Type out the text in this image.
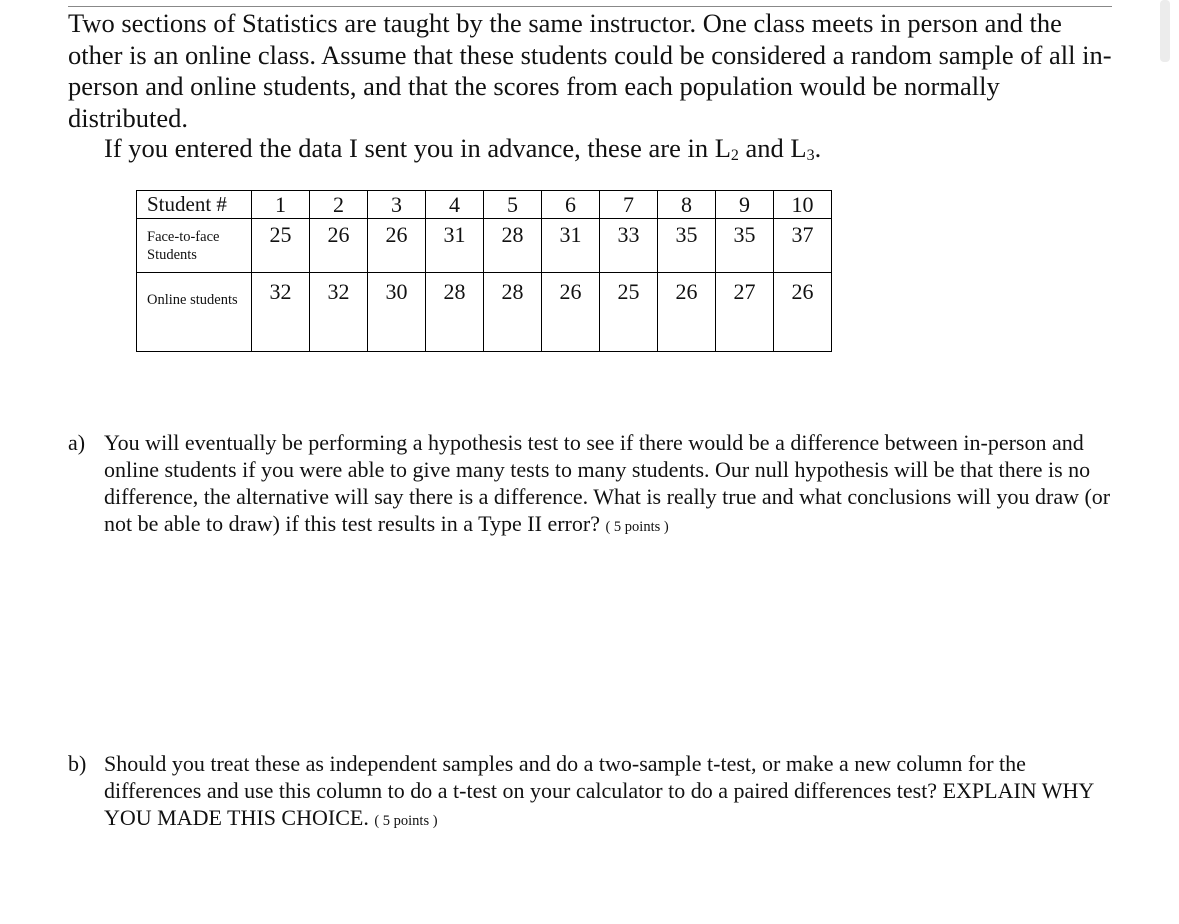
Two sections of Statistics are taught by the same instructor. One class meets in person and the other is an online class. Assume that these students could be considered a random sample of all in-person and online students, and that the scores from each population would be normally distributed.

If you entered the data I sent you in advance, these are in $L_2$ and $L_3$.

Student #	1	2	3	4	5	6	7	8	9	10

Face-to-face Students	25	26	26	31	28	31	33	35	35	37

Online students	32	32	30	28	28	26	25	26	27	26

a) You will eventually be performing a hypothesis test to see if there would be a difference between in-person and online students if you were able to give many tests to many students. Our null hypothesis will be that there is no difference, the alternative will say there is a difference. What is really true and what conclusions will you draw (or not be able to draw) if this test results in a Type II error? ( 5 points )

b) Should you treat these as independent samples and do a two-sample t-test, or make a new column for the differences and use this column to do a t-test on your calculator to do a paired differences test? EXPLAIN WHY YOU MADE THIS CHOICE. ( 5 points )
